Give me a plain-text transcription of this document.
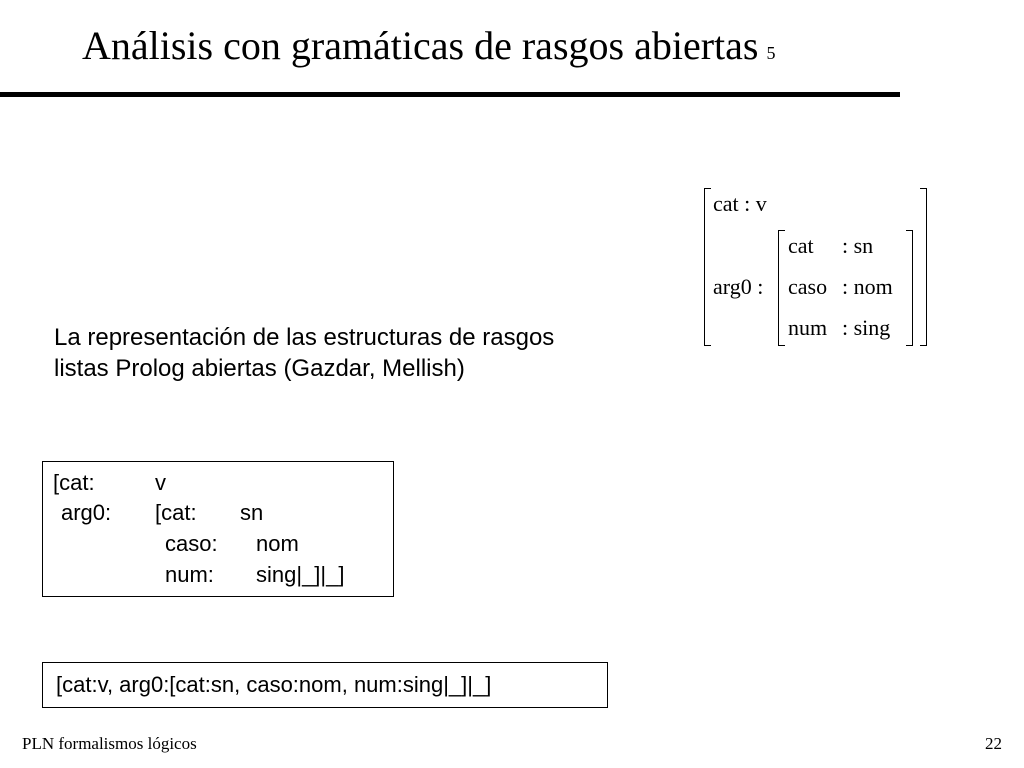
Análisis con gramáticas de rasgos abiertas 5
cat : v
arg0 :
cat : sn
caso : nom
num : sing
La representación de las estructuras de rasgos
listas Prolog abiertas (Gazdar, Mellish)
[cat:	v
arg0: [cat: sn
caso: nom
num: sing|_]|_]
[cat:v, arg0:[cat:sn, caso:nom, num:sing|_]|_]
PLN formalismos lógicos	22
